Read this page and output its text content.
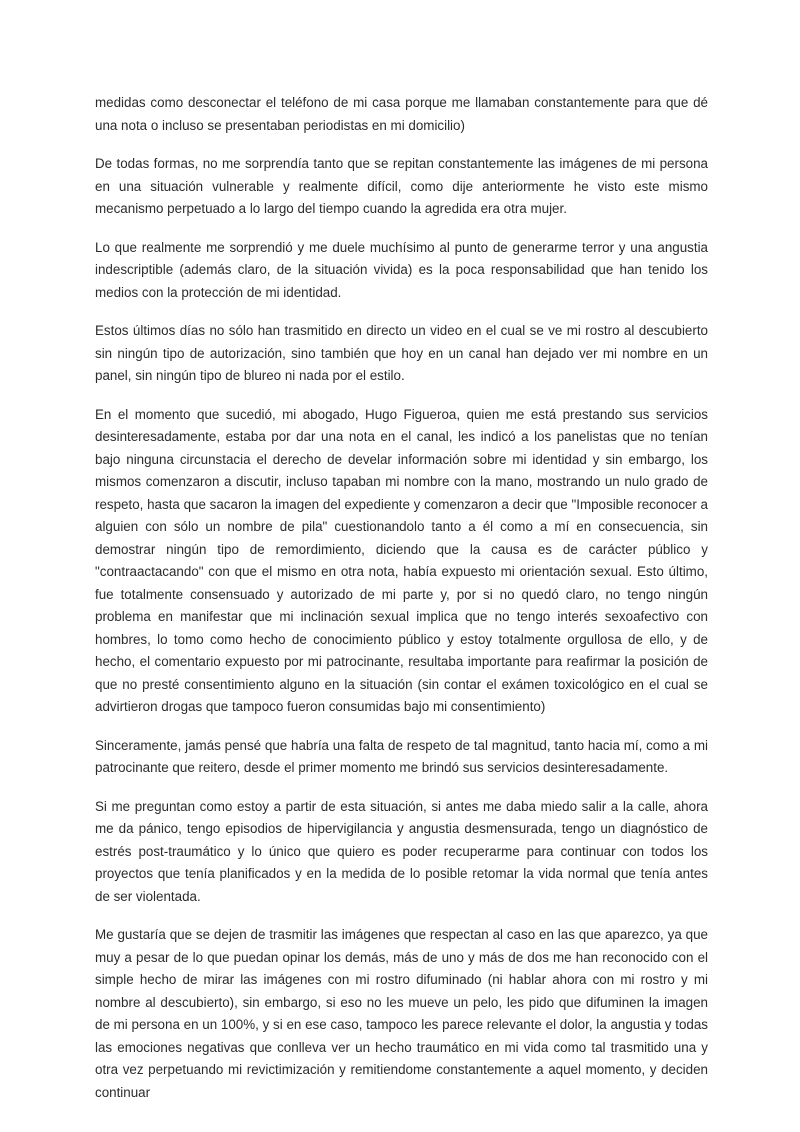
medidas como desconectar el teléfono de mi casa porque me llamaban constantemente para que dé una nota o incluso se presentaban periodistas en mi domicilio)

De todas formas, no me sorprendía tanto que se repitan constantemente las imágenes de mi persona en una situación vulnerable y realmente difícil, como dije anteriormente he visto este mismo mecanismo perpetuado a lo largo del tiempo cuando la agredida era otra mujer.

Lo que realmente me sorprendió y me duele muchísimo al punto de generarme terror y una angustia indescriptible (además claro, de la situación vivida) es la poca responsabilidad que han tenido los medios con la protección de mi identidad.

Estos últimos días no sólo han trasmitido en directo un video en el cual se ve mi rostro al descubierto sin ningún tipo de autorización, sino también que hoy en un canal han dejado ver mi nombre en un panel, sin ningún tipo de blureo ni nada por el estilo.

En el momento que sucedió, mi abogado, Hugo Figueroa, quien me está prestando sus servicios desinteresadamente, estaba por dar una nota en el canal, les indicó a los panelistas que no tenían bajo ninguna circunstacia el derecho de develar información sobre mi identidad y sin embargo, los mismos comenzaron a discutir, incluso tapaban mi nombre con la mano, mostrando un nulo grado de respeto, hasta que sacaron la imagen del expediente y comenzaron a decir que "Imposible reconocer a alguien con sólo un nombre de pila" cuestionandolo tanto a él como a mí en consecuencia, sin demostrar ningún tipo de remordimiento, diciendo que la causa es de carácter público y "contraactacando" con que el mismo en otra nota, había expuesto mi orientación sexual. Esto último, fue totalmente consensuado y autorizado de mi parte y, por si no quedó claro, no tengo ningún problema en manifestar que mi inclinación sexual implica que no tengo interés sexoafectivo con hombres, lo tomo como hecho de conocimiento público y estoy totalmente orgullosa de ello, y de hecho, el comentario expuesto por mi patrocinante, resultaba importante para reafirmar la posición de que no presté consentimiento alguno en la situación (sin contar el exámen toxicológico en el cual se advirtieron drogas que tampoco fueron consumidas bajo mi consentimiento)

Sinceramente, jamás pensé que habría una falta de respeto de tal magnitud, tanto hacia mí, como a mi patrocinante que reitero, desde el primer momento me brindó sus servicios desinteresadamente.

Si me preguntan como estoy a partir de esta situación, si antes me daba miedo salir a la calle, ahora me da pánico, tengo episodios de hipervigilancia y angustia desmensurada, tengo un diagnóstico de estrés post-traumático y lo único que quiero es poder recuperarme para continuar con todos los proyectos que tenía planificados y en la medida de lo posible retomar la vida normal que tenía antes de ser violentada.

Me gustaría que se dejen de trasmitir las imágenes que respectan al caso en las que aparezco, ya que muy a pesar de lo que puedan opinar los demás, más de uno y más de dos me han reconocido con el simple hecho de mirar las imágenes con mi rostro difuminado (ni hablar ahora con mi rostro y mi nombre al descubierto), sin embargo, si eso no les mueve un pelo, les pido que difuminen la imagen de mi persona en un 100%, y si en ese caso, tampoco les parece relevante el dolor, la angustia y todas las emociones negativas que conlleva ver un hecho traumático en mi vida como tal trasmitido una y otra vez perpetuando mi revictimización y remitiendome constantemente a aquel momento, y deciden continuar
